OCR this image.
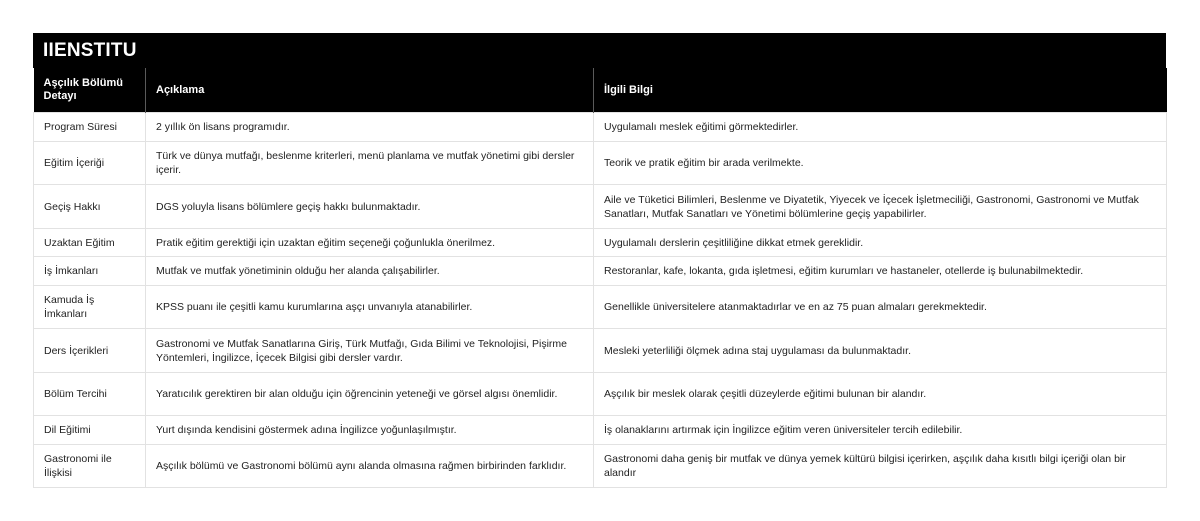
IIENSTITU
Aşçılık Bölümü Detayı	Açıklama	İlgili Bilgi
Program Süresi	2 yıllık ön lisans programıdır.	Uygulamalı meslek eğitimi görmektedirler.
Eğitim İçeriği	Türk ve dünya mutfağı, beslenme kriterleri, menü planlama ve mutfak yönetimi gibi dersler içerir.	Teorik ve pratik eğitim bir arada verilmekte.
Geçiş Hakkı	DGS yoluyla lisans bölümlere geçiş hakkı bulunmaktadır.	Aile ve Tüketici Bilimleri, Beslenme ve Diyatetik, Yiyecek ve İçecek İşletmeciliği, Gastronomi, Gastronomi ve Mutfak Sanatları, Mutfak Sanatları ve Yönetimi bölümlerine geçiş yapabilirler.
Uzaktan Eğitim	Pratik eğitim gerektiği için uzaktan eğitim seçeneği çoğunlukla önerilmez.	Uygulamalı derslerin çeşitliliğine dikkat etmek gereklidir.
İş İmkanları	Mutfak ve mutfak yönetiminin olduğu her alanda çalışabilirler.	Restoranlar, kafe, lokanta, gıda işletmesi, eğitim kurumları ve hastaneler, otellerde iş bulunabilmektedir.
Kamuda İş İmkanları	KPSS puanı ile çeşitli kamu kurumlarına aşçı unvanıyla atanabilirler.	Genellikle üniversitelere atanmaktadırlar ve en az 75 puan almaları gerekmektedir.
Ders İçerikleri	Gastronomi ve Mutfak Sanatlarına Giriş, Türk Mutfağı, Gıda Bilimi ve Teknolojisi, Pişirme Yöntemleri, İngilizce, İçecek Bilgisi gibi dersler vardır.	Mesleki yeterliliği ölçmek adına staj uygulaması da bulunmaktadır.
Bölüm Tercihi	Yaratıcılık gerektiren bir alan olduğu için öğrencinin yeteneği ve görsel algısı önemlidir.	Aşçılık bir meslek olarak çeşitli düzeylerde eğitimi bulunan bir alandır.
Dil Eğitimi	Yurt dışında kendisini göstermek adına İngilizce yoğunlaşılmıştır.	İş olanaklarını artırmak için İngilizce eğitim veren üniversiteler tercih edilebilir.
Gastronomi ile İlişkisi	Aşçılık bölümü ve Gastronomi bölümü aynı alanda olmasına rağmen birbirinden farklıdır.	Gastronomi daha geniş bir mutfak ve dünya yemek kültürü bilgisi içerirken, aşçılık daha kısıtlı bilgi içeriği olan bir alandır
